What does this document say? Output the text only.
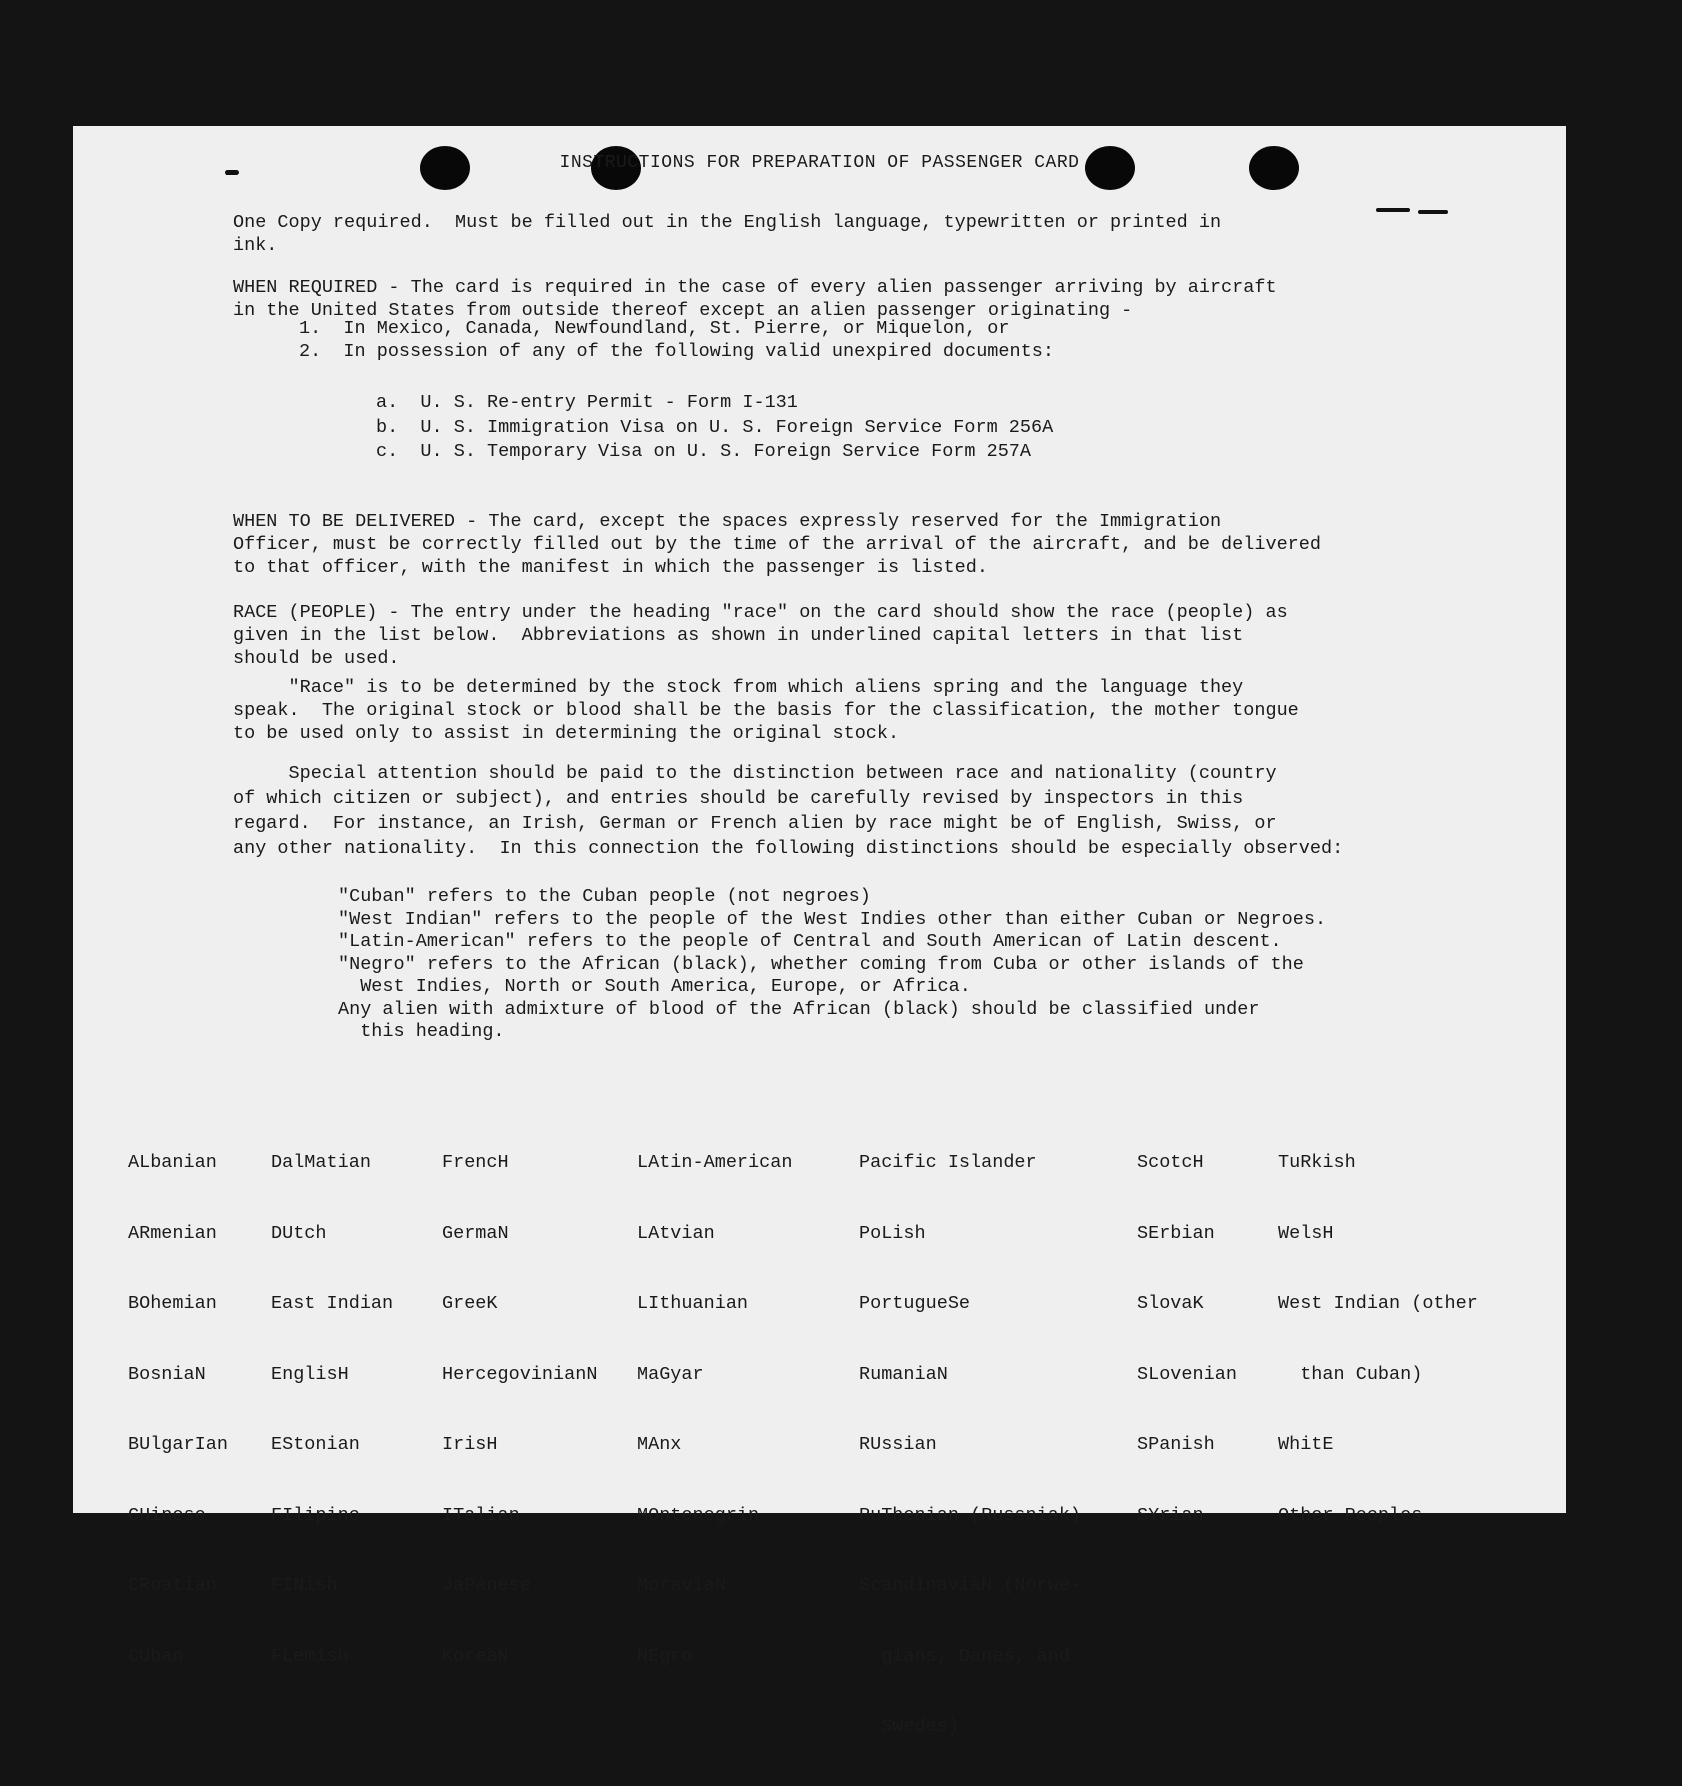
INSTRUCTIONS FOR PREPARATION OF PASSENGER CARD
One Copy required.  Must be filled out in the English language, typewritten or printed in
ink.
WHEN REQUIRED - The card is required in the case of every alien passenger arriving by aircraft
in the United States from outside thereof except an alien passenger originating -
1.  In Mexico, Canada, Newfoundland, St. Pierre, or Miquelon, or
2.  In possession of any of the following valid unexpired documents:
a.  U. S. Re-entry Permit - Form I-131
b.  U. S. Immigration Visa on U. S. Foreign Service Form 256A
c.  U. S. Temporary Visa on U. S. Foreign Service Form 257A
WHEN TO BE DELIVERED - The card, except the spaces expressly reserved for the Immigration
Officer, must be correctly filled out by the time of the arrival of the aircraft, and be delivered
to that officer, with the manifest in which the passenger is listed.
RACE (PEOPLE) - The entry under the heading "race" on the card should show the race (people) as
given in the list below.  Abbreviations as shown in underlined capital letters in that list
should be used.
"Race" is to be determined by the stock from which aliens spring and the language they
speak.  The original stock or blood shall be the basis for the classification, the mother tongue
to be used only to assist in determining the original stock.
Special attention should be paid to the distinction between race and nationality (country
of which citizen or subject), and entries should be carefully revised by inspectors in this
regard.  For instance, an Irish, German or French alien by race might be of English, Swiss, or
any other nationality.  In this connection the following distinctions should be especially observed:
"Cuban" refers to the Cuban people (not negroes)
"West Indian" refers to the people of the West Indies other than either Cuban or Negroes.
"Latin-American" refers to the people of Central and South American of Latin descent.
"Negro" refers to the African (black), whether coming from Cuba or other islands of the
West Indies, North or South America, Europe, or Africa.
Any alien with admixture of blood of the African (black) should be classified under
this heading.

ALbanian

ARmenian

BOhemian

BosniaN

BUlgarIan

CHinese

CRoatian

CUban

DalMatian

DUtch

East Indian

EnglisH

EStonian

FIlipino

FINish

FLemish

FrencH

GermaN

GreeK

HercegovinianN

IrisH

ITalian

JaPanese

KoreaN

LAtin-American

LAtvian

LIthuanian

MaGyar

MAnx

MOntenegrin

MoraviaN

NEgro

Pacific Islander

PoLish

PortugueSe

RumaniaN

RUssian

RuThenian (Russniak)

ScandinaviaN (Norwe-

gians, Danes, and

Swedes)

ScotcH

SErbian

SlovaK

SLovenian

SPanish

SYrian

TuRkish

WelsH

West Indian (other

than Cuban)

WhitE

Other Peoples
